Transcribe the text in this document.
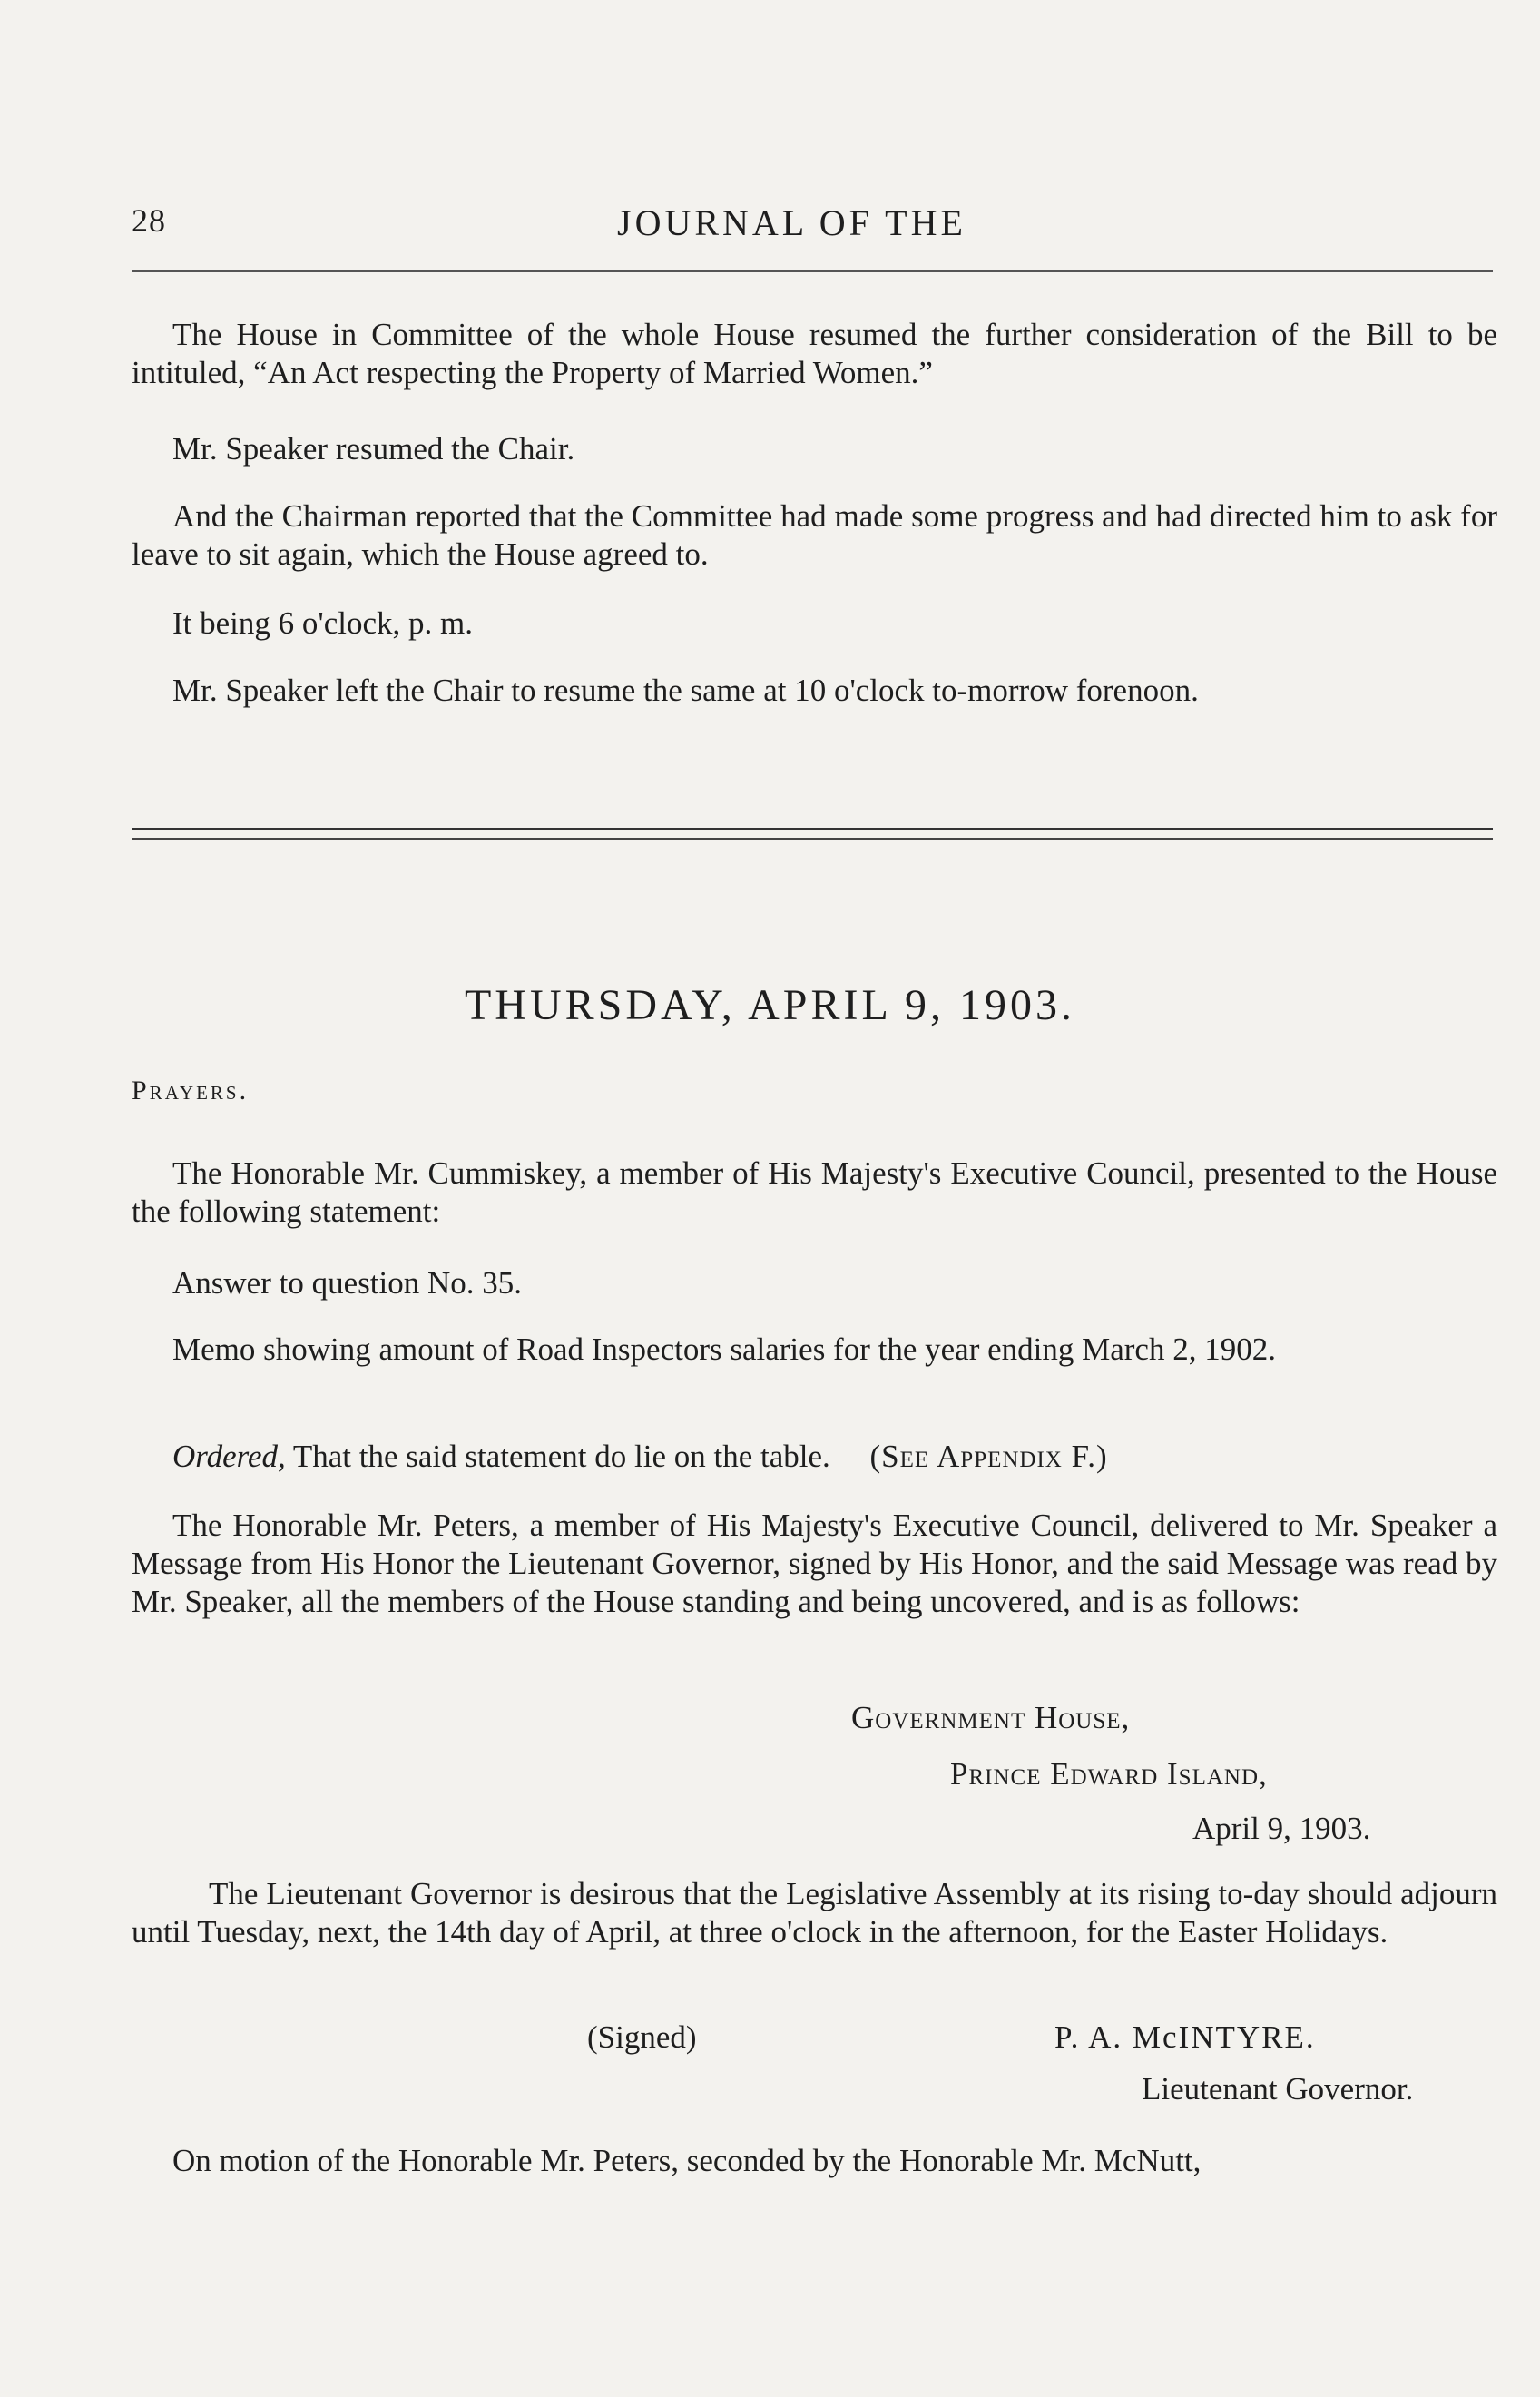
28	JOURNAL OF THE

The House in Committee of the whole House resumed the further consideration of the Bill to be intituled, “An Act respecting the Property of Married Women.”

Mr. Speaker resumed the Chair.

And the Chairman reported that the Committee had made some progress and had directed him to ask for leave to sit again, which the House agreed to.

It being 6 o'clock, p. m.

Mr. Speaker left the Chair to resume the same at 10 o'clock to-morrow forenoon.

THURSDAY, APRIL 9, 1903.
Prayers.

The Honorable Mr. Cummiskey, a member of His Majesty's Executive Council, presented to the House the following statement:

Answer to question No. 35.

Memo showing amount of Road Inspectors salaries for the year ending March 2, 1902.

Ordered, That the said statement do lie on the table. (See Appendix F.)

The Honorable Mr. Peters, a member of His Majesty's Executive Council, delivered to Mr. Speaker a Message from His Honor the Lieutenant Governor, signed by His Honor, and the said Message was read by Mr. Speaker, all the members of the House standing and being uncovered, and is as follows:

Government House,
Prince Edward Island,
April 9, 1903.

The Lieutenant Governor is desirous that the Legislative Assembly at its rising to-day should adjourn until Tuesday, next, the 14th day of April, at three o'clock in the afternoon, for the Easter Holidays.

(Signed)	P. A. McINTYRE.
Lieutenant Governor.

On motion of the Honorable Mr. Peters, seconded by the Honorable Mr. McNutt,
